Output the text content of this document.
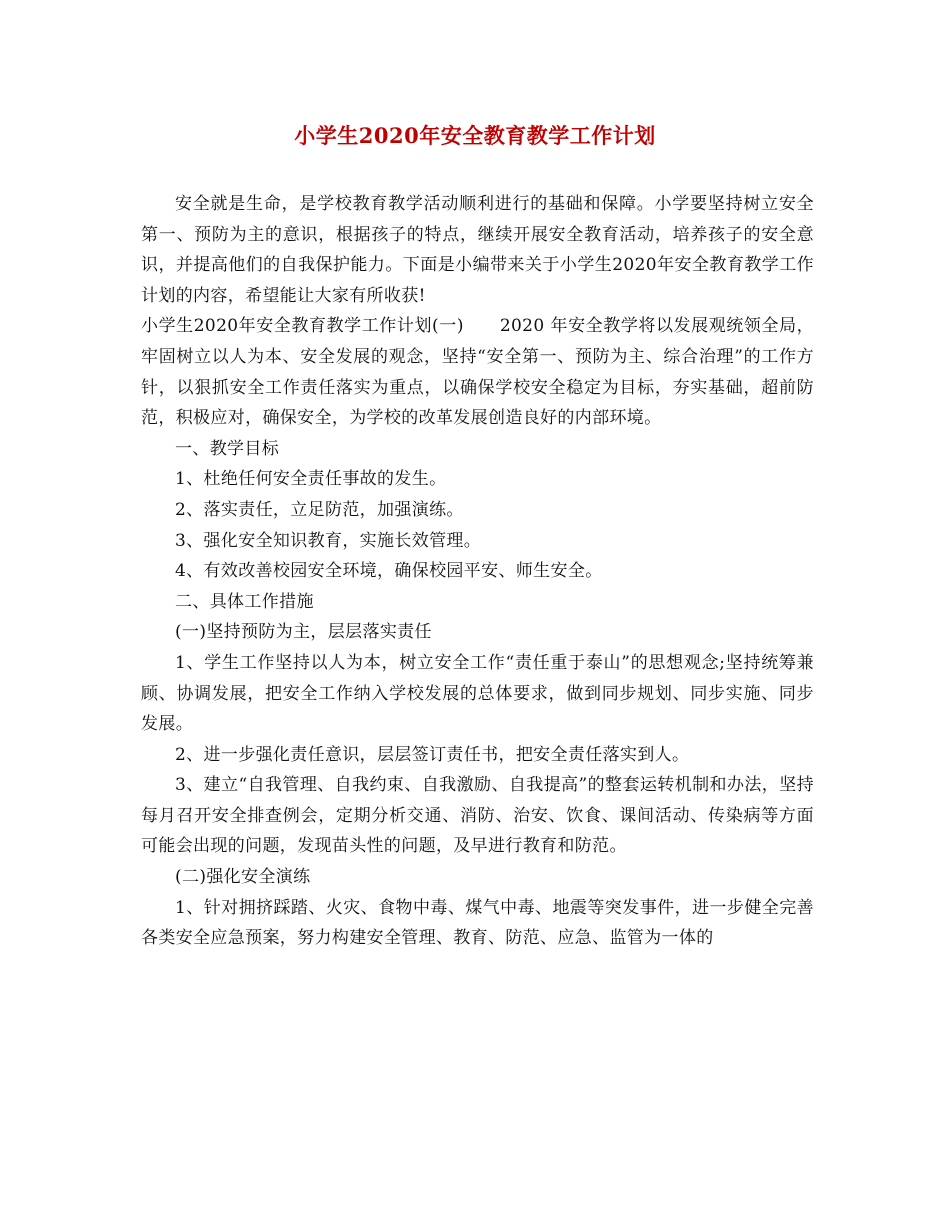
小学生2020年安全教育教学工作计划

安全就是生命，是学校教育教学活动顺利进行的基础和保障。小学要坚持树立安全第一、预防为主的意识，根据孩子的特点，继续开展安全教育活动，培养孩子的安全意识，并提高他们的自我保护能力。下面是小编带来关于小学生2020年安全教育教学工作计划的内容，希望能让大家有所收获!

小学生2020年安全教育教学工作计划(一) 2020 年安全教学将以发展观统领全局，牢固树立以人为本、安全发展的观念，坚持“安全第一、预防为主、综合治理”的工作方针，以狠抓安全工作责任落实为重点，以确保学校安全稳定为目标，夯实基础，超前防范，积极应对，确保安全，为学校的改革发展创造良好的内部环境。

一、教学目标

1、杜绝任何安全责任事故的发生。

2、落实责任，立足防范，加强演练。

3、强化安全知识教育，实施长效管理。

4、有效改善校园安全环境，确保校园平安、师生安全。

二、具体工作措施

(一)坚持预防为主，层层落实责任

1、学生工作坚持以人为本，树立安全工作“责任重于泰山”的思想观念;坚持统筹兼顾、协调发展，把安全工作纳入学校发展的总体要求，做到同步规划、同步实施、同步发展。

2、进一步强化责任意识，层层签订责任书，把安全责任落实到人。

3、建立“自我管理、自我约束、自我激励、自我提高”的整套运转机制和办法，坚持每月召开安全排查例会，定期分析交通、消防、治安、饮食、课间活动、传染病等方面可能会出现的问题，发现苗头性的问题，及早进行教育和防范。

(二)强化安全演练

1、针对拥挤踩踏、火灾、食物中毒、煤气中毒、地震等突发事件，进一步健全完善各类安全应急预案，努力构建安全管理、教育、防范、应急、监管为一体的
